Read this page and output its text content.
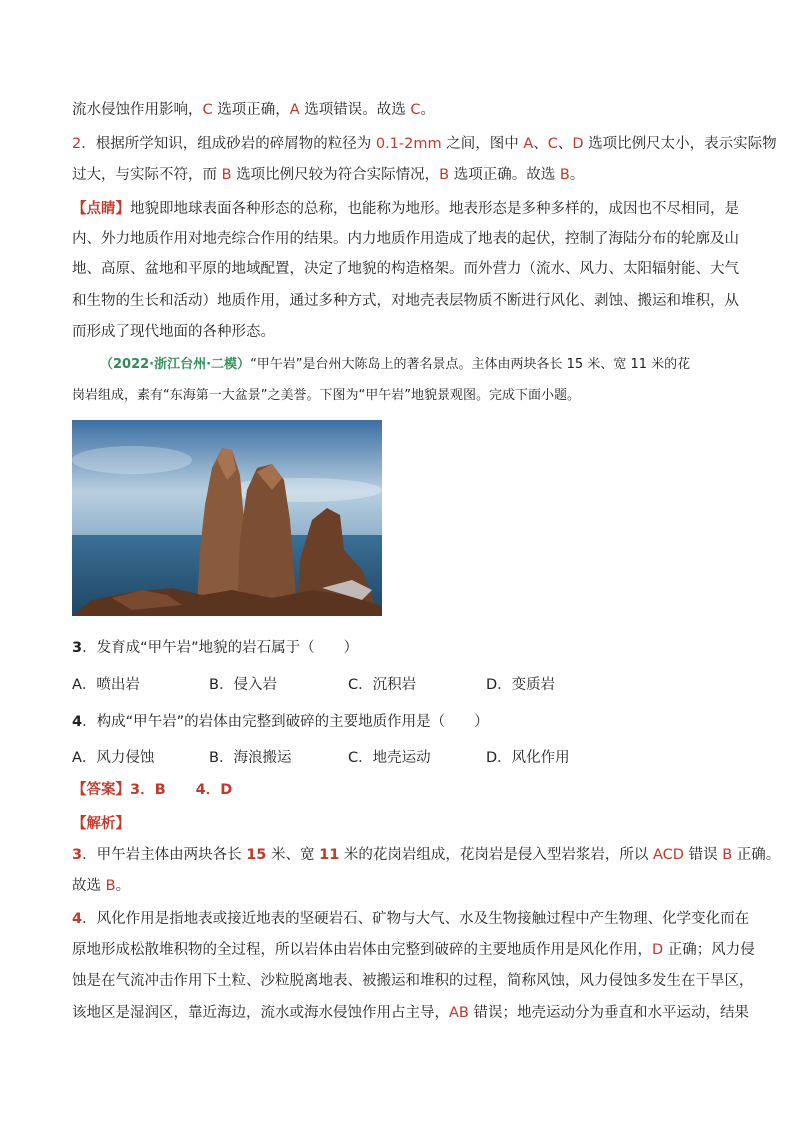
流水侵蚀作用影响，C 选项正确，A 选项错误。故选 C。
2．根据所学知识，组成砂岩的碎屑物的粒径为 0.1-2mm 之间，图中 A、C、D 选项比例尺太小，表示实际物
过大，与实际不符，而 B 选项比例尺较为符合实际情况，B 选项正确。故选 B。
【点睛】地貌即地球表面各种形态的总称，也能称为地形。地表形态是多种多样的，成因也不尽相同，是
内、外力地质作用对地壳综合作用的结果。内力地质作用造成了地表的起伏，控制了海陆分布的轮廓及山
地、高原、盆地和平原的地域配置，决定了地貌的构造格架。而外营力（流水、风力、太阳辐射能、大气
和生物的生长和活动）地质作用，通过多种方式，对地壳表层物质不断进行风化、剥蚀、搬运和堆积，从
而形成了现代地面的各种形态。
（2022·浙江台州·二模）“甲午岩”是台州大陈岛上的著名景点。主体由两块各长 15 米、宽 11 米的花
岗岩组成，素有“东海第一大盆景”之美誉。下图为“甲午岩”地貌景观图。完成下面小题。
3．发育成“甲午岩”地貌的岩石属于（　　）
A．喷出岩	B．侵入岩	C．沉积岩	D．变质岩
4．构成“甲午岩”的岩体由完整到破碎的主要地质作用是（　　）
A．风力侵蚀	B．海浪搬运	C．地壳运动	D．风化作用
【答案】3．B 4．D
【解析】
3．甲午岩主体由两块各长 15 米、宽 11 米的花岗岩组成，花岗岩是侵入型岩浆岩，所以 ACD 错误 B 正确。
故选 B。
4．风化作用是指地表或接近地表的坚硬岩石、矿物与大气、水及生物接触过程中产生物理、化学变化而在
原地形成松散堆积物的全过程，所以岩体由岩体由完整到破碎的主要地质作用是风化作用，D 正确；风力侵
蚀是在气流冲击作用下土粒、沙粒脱离地表、被搬运和堆积的过程，简称风蚀，风力侵蚀多发生在干旱区，
该地区是湿润区，靠近海边，流水或海水侵蚀作用占主导，AB 错误；地壳运动分为垂直和水平运动，结果
